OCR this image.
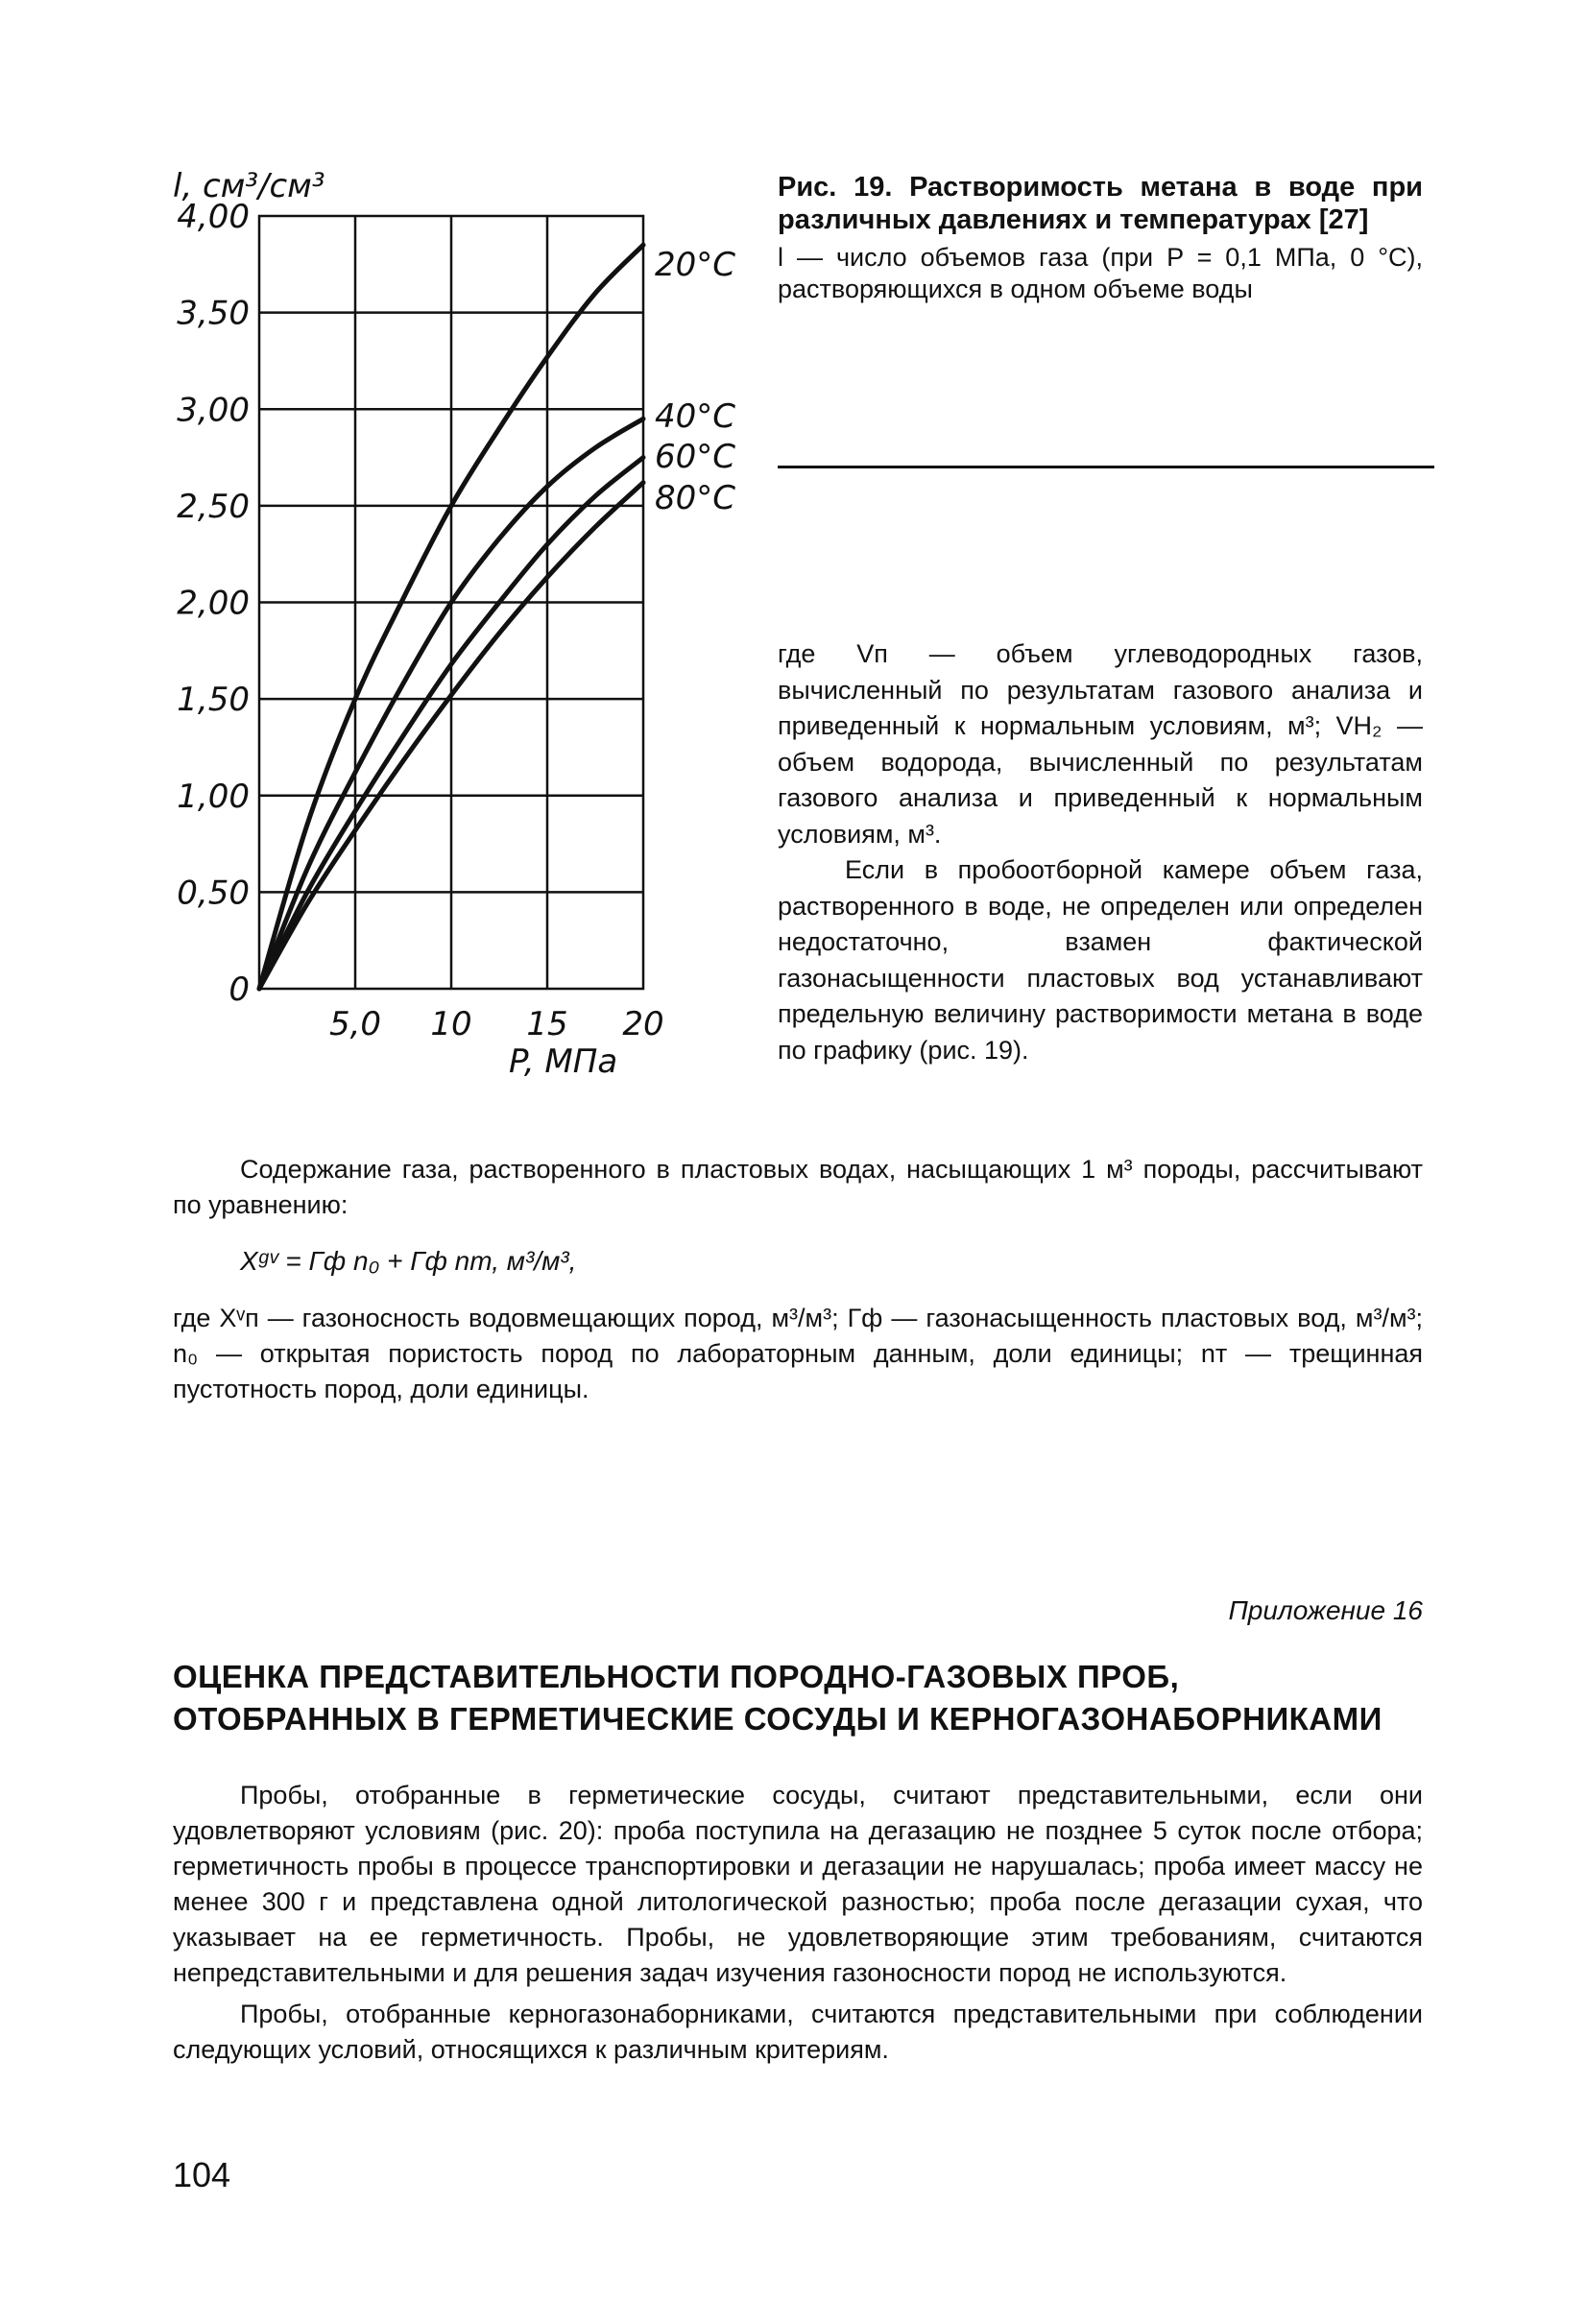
l, см³/см³
P, МПа
4,00
3,50
3,00
2,50
2,00
1,50
1,00
0,50
0
5,0 10 15 20
20°C
40°C
60°C
80°C

Рис. 19. Растворимость метана в воде при различных давлениях и температурах [27]

l — число объемов газа (при P = 0,1 МПа, 0 °С), растворяющихся в одном объеме воды

где Vп — объем углеводородных газов, вычисленный по результатам газового анализа и приведенный к нормальным условиям, м³; VH₂ — объем водорода, вычисленный по результатам газового анализа и приведенный к нормальным условиям, м³.

Если в пробоотборной камере объем газа, растворенного в воде, не определен или определен недостаточно, взамен фактической газонасыщенности пластовых вод устанавливают предельную величину растворимости метана в воде по графику (рис. 19).

Содержание газа, растворенного в пластовых водах, насыщающих 1 м³ породы, рассчитывают по уравнению:

Xᵍᵛ = Гф n₀ + Гф nт, м³/м³,

где Xᵛп — газоносность водовмещающих пород, м³/м³; Гф — газонасыщенность пластовых вод, м³/м³; n₀ — открытая пористость пород по лабораторным данным, доли единицы; nт — трещинная пустотность пород, доли единицы.

Приложение 16
ОЦЕНКА ПРЕДСТАВИТЕЛЬНОСТИ ПОРОДНО-ГАЗОВЫХ ПРОБ,
ОТОБРАННЫХ В ГЕРМЕТИЧЕСКИЕ СОСУДЫ И КЕРНОГАЗОНАБОРНИКАМИ

Пробы, отобранные в герметические сосуды, считают представительными, если они удовлетворяют условиям (рис. 20): проба поступила на дегазацию не позднее 5 суток после отбора; герметичность пробы в процессе транспортировки и дегазации не нарушалась; проба имеет массу не менее 300 г и представлена одной литологической разностью; проба после дегазации сухая, что указывает на ее герметичность. Пробы, не удовлетворяющие этим требованиям, считаются непредставительными и для решения задач изучения газоносности пород не используются.

Пробы, отобранные керногазонаборниками, считаются представительными при соблюдении следующих условий, относящихся к различным критериям.

104
